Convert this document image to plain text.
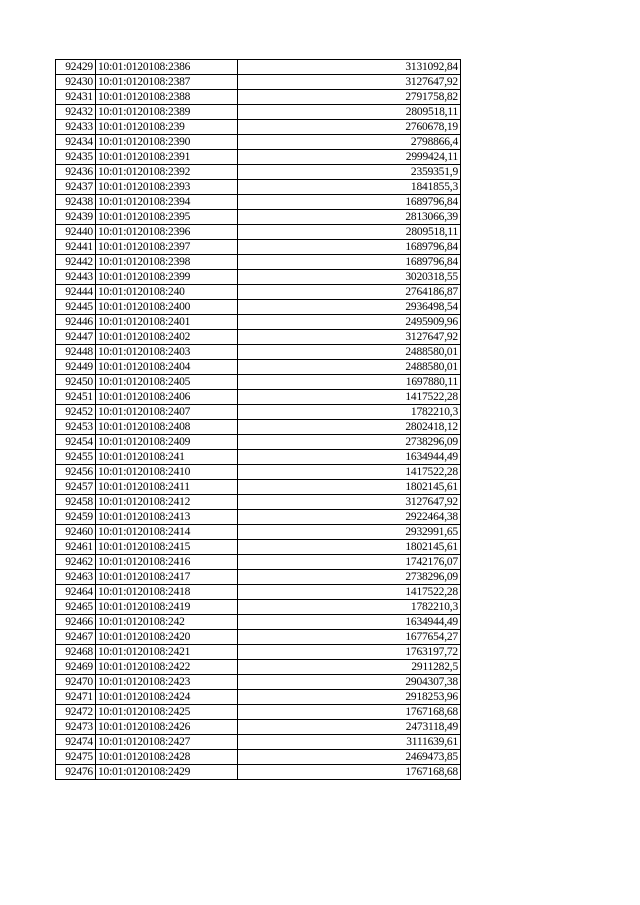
92429	10:01:0120108:2386	3131092,84
92430	10:01:0120108:2387	3127647,92
92431	10:01:0120108:2388	2791758,82
92432	10:01:0120108:2389	2809518,11
92433	10:01:0120108:239	2760678,19
92434	10:01:0120108:2390	2798866,4
92435	10:01:0120108:2391	2999424,11
92436	10:01:0120108:2392	2359351,9
92437	10:01:0120108:2393	1841855,3
92438	10:01:0120108:2394	1689796,84
92439	10:01:0120108:2395	2813066,39
92440	10:01:0120108:2396	2809518,11
92441	10:01:0120108:2397	1689796,84
92442	10:01:0120108:2398	1689796,84
92443	10:01:0120108:2399	3020318,55
92444	10:01:0120108:240	2764186,87
92445	10:01:0120108:2400	2936498,54
92446	10:01:0120108:2401	2495909,96
92447	10:01:0120108:2402	3127647,92
92448	10:01:0120108:2403	2488580,01
92449	10:01:0120108:2404	2488580,01
92450	10:01:0120108:2405	1697880,11
92451	10:01:0120108:2406	1417522,28
92452	10:01:0120108:2407	1782210,3
92453	10:01:0120108:2408	2802418,12
92454	10:01:0120108:2409	2738296,09
92455	10:01:0120108:241	1634944,49
92456	10:01:0120108:2410	1417522,28
92457	10:01:0120108:2411	1802145,61
92458	10:01:0120108:2412	3127647,92
92459	10:01:0120108:2413	2922464,38
92460	10:01:0120108:2414	2932991,65
92461	10:01:0120108:2415	1802145,61
92462	10:01:0120108:2416	1742176,07
92463	10:01:0120108:2417	2738296,09
92464	10:01:0120108:2418	1417522,28
92465	10:01:0120108:2419	1782210,3
92466	10:01:0120108:242	1634944,49
92467	10:01:0120108:2420	1677654,27
92468	10:01:0120108:2421	1763197,72
92469	10:01:0120108:2422	2911282,5
92470	10:01:0120108:2423	2904307,38
92471	10:01:0120108:2424	2918253,96
92472	10:01:0120108:2425	1767168,68
92473	10:01:0120108:2426	2473118,49
92474	10:01:0120108:2427	3111639,61
92475	10:01:0120108:2428	2469473,85
92476	10:01:0120108:2429	1767168,68
